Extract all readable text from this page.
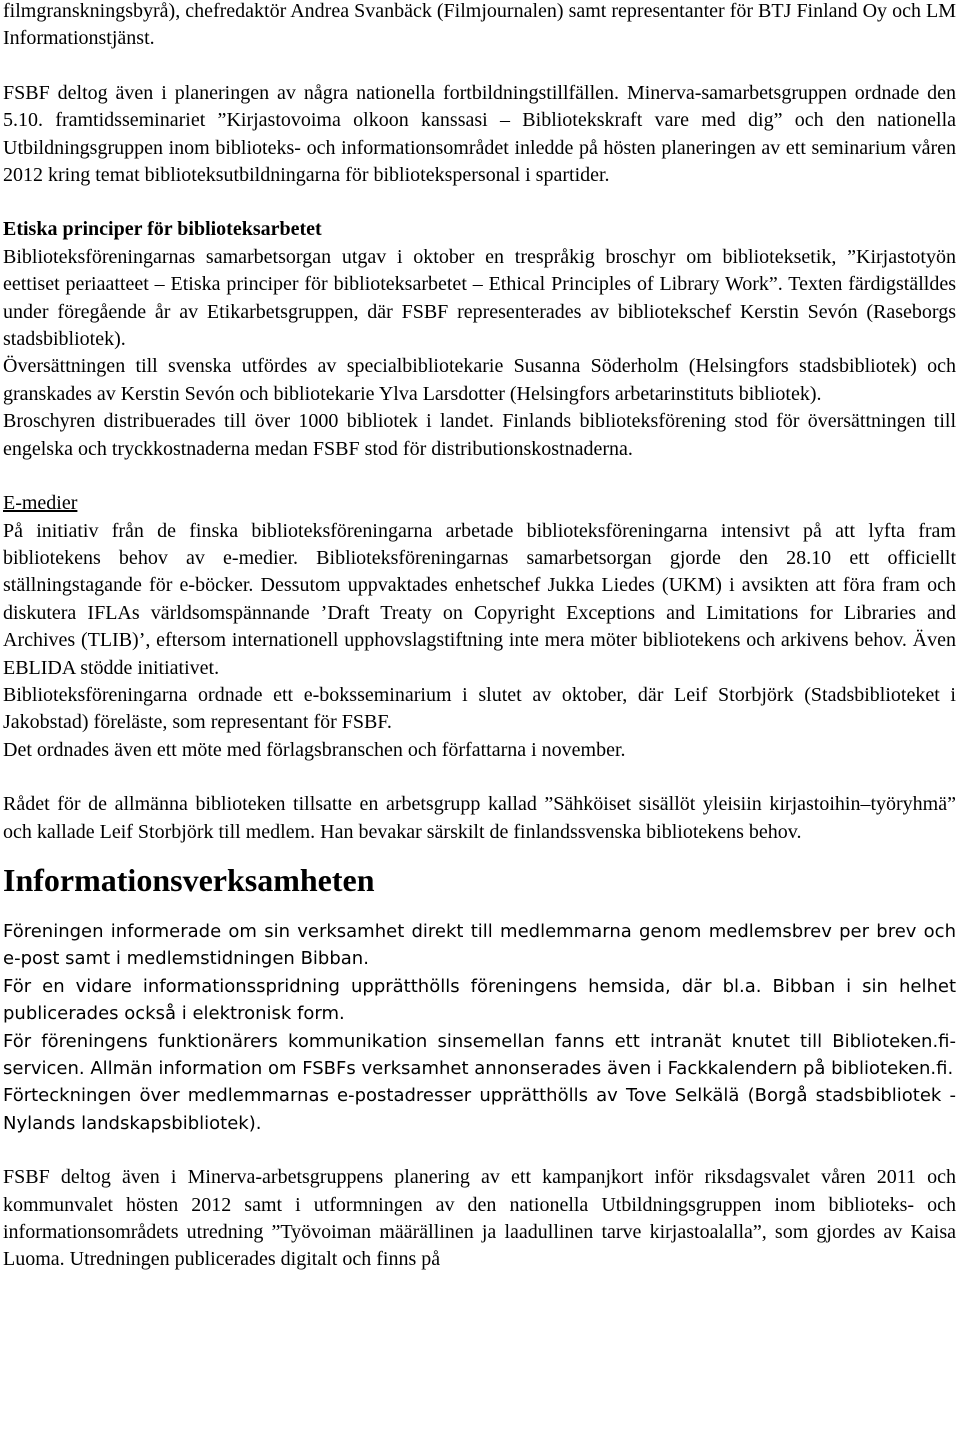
filmgranskningsbyrå), chefredaktör Andrea Svanbäck (Filmjournalen) samt representanter för BTJ Finland Oy och LM Informationstjänst.

FSBF deltog även i planeringen av några nationella fortbildningstillfällen. Minerva-samarbetsgruppen ordnade den 5.10. framtidsseminariet ”Kirjastovoima olkoon kanssasi – Bibliotekskraft vare med dig” och den nationella Utbildningsgruppen inom biblioteks- och informationsområdet inledde på hösten planeringen av ett seminarium våren 2012 kring temat biblioteksutbildningarna för bibliotekspersonal i spartider.

Etiska principer för biblioteksarbetet

Biblioteksföreningarnas samarbetsorgan utgav i oktober en trespråkig broschyr om biblioteksetik, ”Kirjastotyön eettiset periaatteet – Etiska principer för biblioteksarbetet – Ethical Principles of Library Work”. Texten färdigställdes under föregående år av Etikarbetsgruppen, där FSBF representerades av bibliotekschef Kerstin Sevón (Raseborgs stadsbibliotek).

Översättningen till svenska utfördes av specialbibliotekarie Susanna Söderholm (Helsingfors stadsbibliotek) och granskades av Kerstin Sevón och bibliotekarie Ylva Larsdotter (Helsingfors arbetarinstituts bibliotek).

Broschyren distribuerades till över 1000 bibliotek i landet. Finlands biblioteksförening stod för översättningen till engelska och tryckkostnaderna medan FSBF stod för distributionskostnaderna.

E-medier

På initiativ från de finska biblioteksföreningarna arbetade biblioteksföreningarna intensivt på att lyfta fram bibliotekens behov av e-medier. Biblioteksföreningarnas samarbetsorgan gjorde den 28.10 ett officiellt ställningstagande för e-böcker. Dessutom uppvaktades enhetschef Jukka Liedes (UKM) i avsikten att föra fram och diskutera IFLAs världsomspännande ’Draft Treaty on Copyright Exceptions and Limitations for Libraries and Archives (TLIB)’, eftersom internationell upphovslagstiftning inte mera möter bibliotekens och arkivens behov. Även EBLIDA stödde initiativet.

Biblioteksföreningarna ordnade ett e-boksseminarium i slutet av oktober, där Leif Storbjörk (Stadsbiblioteket i Jakobstad) föreläste, som representant för FSBF.

Det ordnades även ett möte med förlagsbranschen och författarna i november.

Rådet för de allmänna biblioteken tillsatte en arbetsgrupp kallad ”Sähköiset sisällöt yleisiin kirjastoihin–työryhmä” och kallade Leif Storbjörk till medlem. Han bevakar särskilt de finlandssvenska bibliotekens behov.

Informationsverksamheten

Föreningen informerade om sin verksamhet direkt till medlemmarna genom medlemsbrev per brev och e-post samt i medlemstidningen Bibban.

För en vidare informationsspridning upprätthölls föreningens hemsida, där bl.a. Bibban i sin helhet publicerades också i elektronisk form.

För föreningens funktionärers kommunikation sinsemellan fanns ett intranät knutet till Biblioteken.fi-servicen. Allmän information om FSBFs verksamhet annonserades även i Fackkalendern på biblioteken.fi.

Förteckningen över medlemmarnas e-postadresser upprätthölls av Tove Selkälä (Borgå stadsbibliotek - Nylands landskapsbibliotek).

FSBF deltog även i Minerva-arbetsgruppens planering av ett kampanjkort inför riksdagsvalet våren 2011 och kommunvalet hösten 2012 samt i utformningen av den nationella Utbildningsgruppen inom biblioteks- och informationsområdets utredning ”Työvoiman määrällinen ja laadullinen tarve kirjastoalalla”, som gjordes av Kaisa Luoma. Utredningen publicerades digitalt och finns på
